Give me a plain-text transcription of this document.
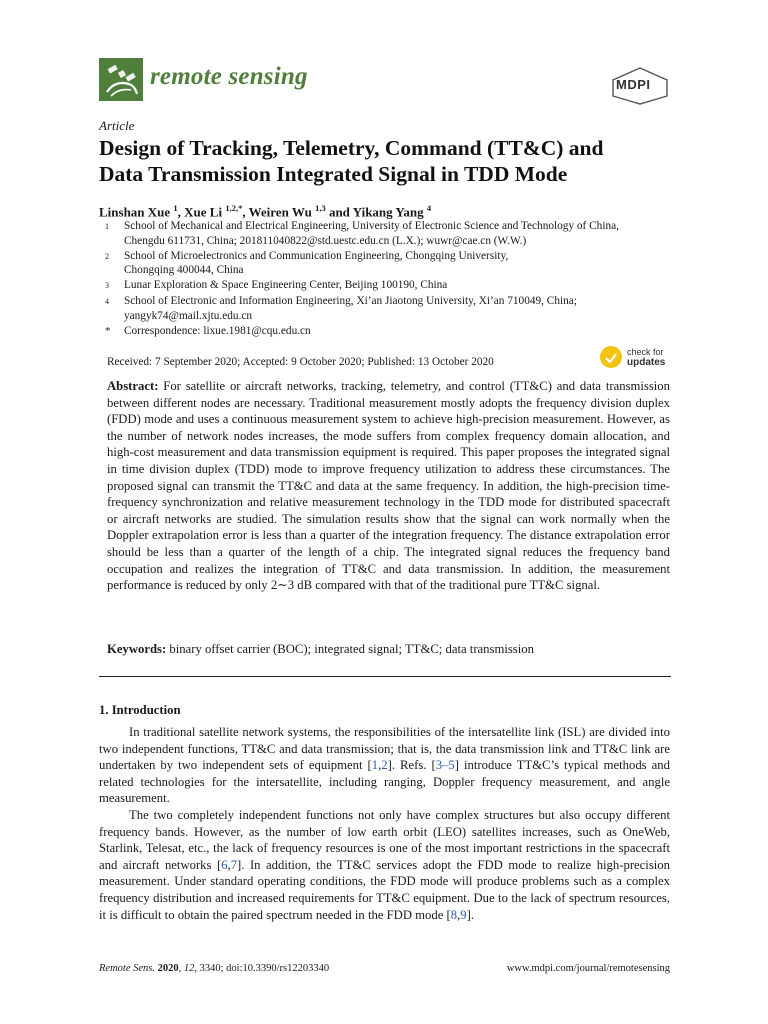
remote sensing	MDPI
Article
Design of Tracking, Telemetry, Command (TT&C) and
Data Transmission Integrated Signal in TDD Mode
Linshan Xue $^1$, Xue Li $^{1,2,*}$, Weiren Wu $^{1,3}$ and Yikang Yang $^4$
1	School of Mechanical and Electrical Engineering, University of Electronic Science and Technology of China,
Chengdu 611731, China; 201811040822@std.uestc.edu.cn (L.X.); wuwr@cae.cn (W.W.)
2	School of Microelectronics and Communication Engineering, Chongqing University,
Chongqing 400044, China
3	Lunar Exploration & Space Engineering Center, Beijing 100190, China
4	School of Electronic and Information Engineering, Xi’an Jiaotong University, Xi’an 710049, China;
yangyk74@mail.xjtu.edu.cn
*	Correspondence: lixue.1981@cqu.edu.cn
Received: 7 September 2020; Accepted: 9 October 2020; Published: 13 October 2020
check for
updates
Abstract: For satellite or aircraft networks, tracking, telemetry, and control (TT&C) and data transmission between different nodes are necessary. Traditional measurement mostly adopts the frequency division duplex (FDD) mode and uses a continuous measurement system to achieve high-precision measurement. However, as the number of network nodes increases, the mode suffers from complex frequency domain allocation, and high-cost measurement and data transmission equipment is required. This paper proposes the integrated signal in time division duplex (TDD) mode to improve frequency utilization to address these circumstances. The proposed signal can transmit the TT&C and data at the same frequency. In addition, the high-precision time-frequency synchronization and relative measurement technology in the TDD mode for distributed spacecraft or aircraft networks are studied. The simulation results show that the signal can work normally when the Doppler extrapolation error is less than a quarter of the integration frequency. The distance extrapolation error should be less than a quarter of the length of a chip. The integrated signal reduces the frequency band occupation and realizes the integration of TT&C and data transmission. In addition, the measurement performance is reduced by only 2∼3 dB compared with that of the traditional pure TT&C signal.
Keywords: binary offset carrier (BOC); integrated signal; TT&C; data transmission
1. Introduction

In traditional satellite network systems, the responsibilities of the intersatellite link (ISL) are divided into two independent functions, TT&C and data transmission; that is, the data transmission link and TT&C link are undertaken by two independent sets of equipment [1,2]. Refs. [3–5] introduce TT&C’s typical methods and related technologies for the intersatellite, including ranging, Doppler frequency measurement, and angle measurement.

The two completely independent functions not only have complex structures but also occupy different frequency bands. However, as the number of low earth orbit (LEO) satellites increases, such as OneWeb, Starlink, Telesat, etc., the lack of frequency resources is one of the most important restrictions in the spacecraft and aircraft networks [6,7]. In addition, the TT&C services adopt the FDD mode to realize high-precision measurement. Under standard operating conditions, the FDD mode will produce problems such as a complex frequency distribution and increased requirements for TT&C equipment. Due to the lack of spectrum resources, it is difficult to obtain the paired spectrum needed in the FDD mode [8,9].

Remote Sens. 2020, 12, 3340; doi:10.3390/rs12203340	www.mdpi.com/journal/remotesensing
